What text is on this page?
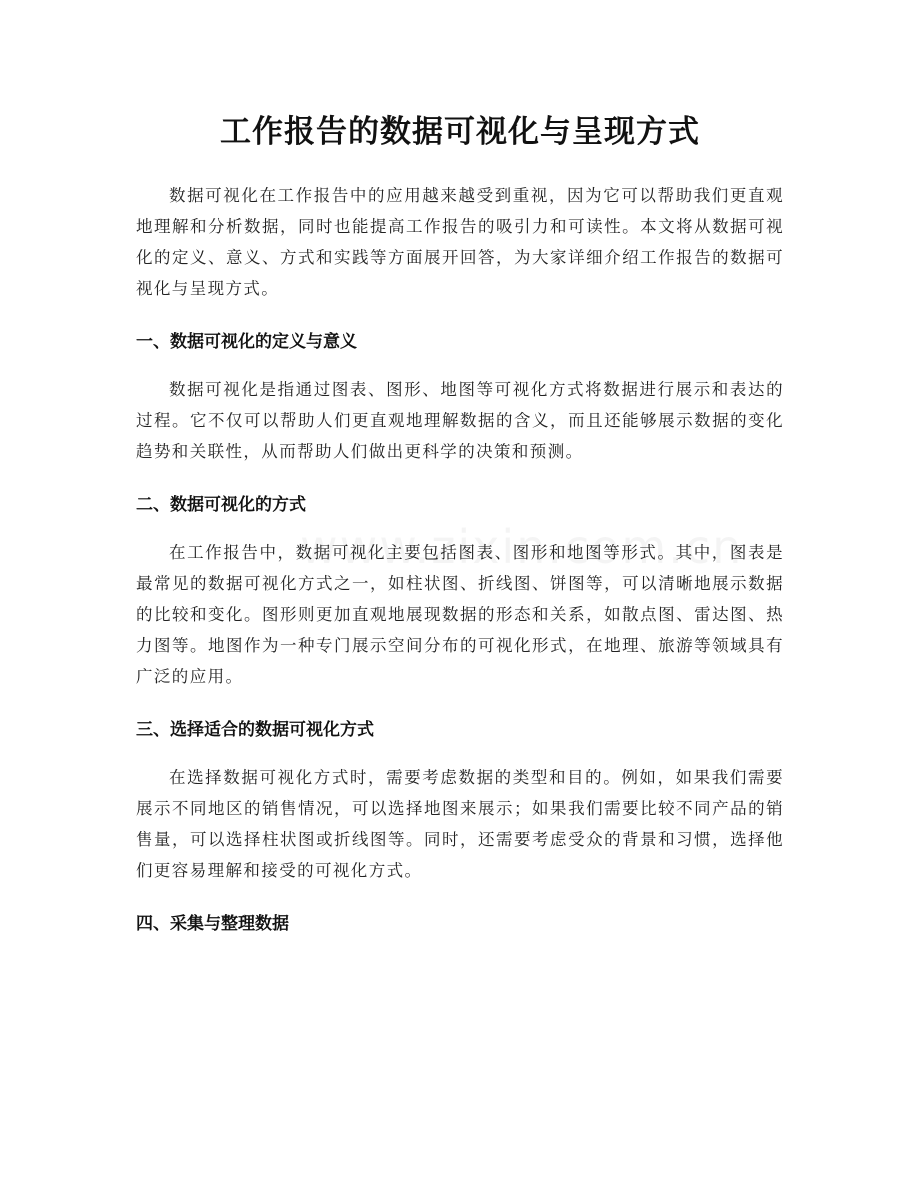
工作报告的数据可视化与呈现方式

数据可视化在工作报告中的应用越来越受到重视，因为它可以帮助我们更直观地理解和分析数据，同时也能提高工作报告的吸引力和可读性。本文将从数据可视化的定义、意义、方式和实践等方面展开回答，为大家详细介绍工作报告的数据可视化与呈现方式。

一、数据可视化的定义与意义

数据可视化是指通过图表、图形、地图等可视化方式将数据进行展示和表达的过程。它不仅可以帮助人们更直观地理解数据的含义，而且还能够展示数据的变化趋势和关联性，从而帮助人们做出更科学的决策和预测。

二、数据可视化的方式

在工作报告中，数据可视化主要包括图表、图形和地图等形式。其中，图表是最常见的数据可视化方式之一，如柱状图、折线图、饼图等，可以清晰地展示数据的比较和变化。图形则更加直观地展现数据的形态和关系，如散点图、雷达图、热力图等。地图作为一种专门展示空间分布的可视化形式，在地理、旅游等领域具有广泛的应用。

三、选择适合的数据可视化方式

在选择数据可视化方式时，需要考虑数据的类型和目的。例如，如果我们需要展示不同地区的销售情况，可以选择地图来展示；如果我们需要比较不同产品的销售量，可以选择柱状图或折线图等。同时，还需要考虑受众的背景和习惯，选择他们更容易理解和接受的可视化方式。

四、采集与整理数据
